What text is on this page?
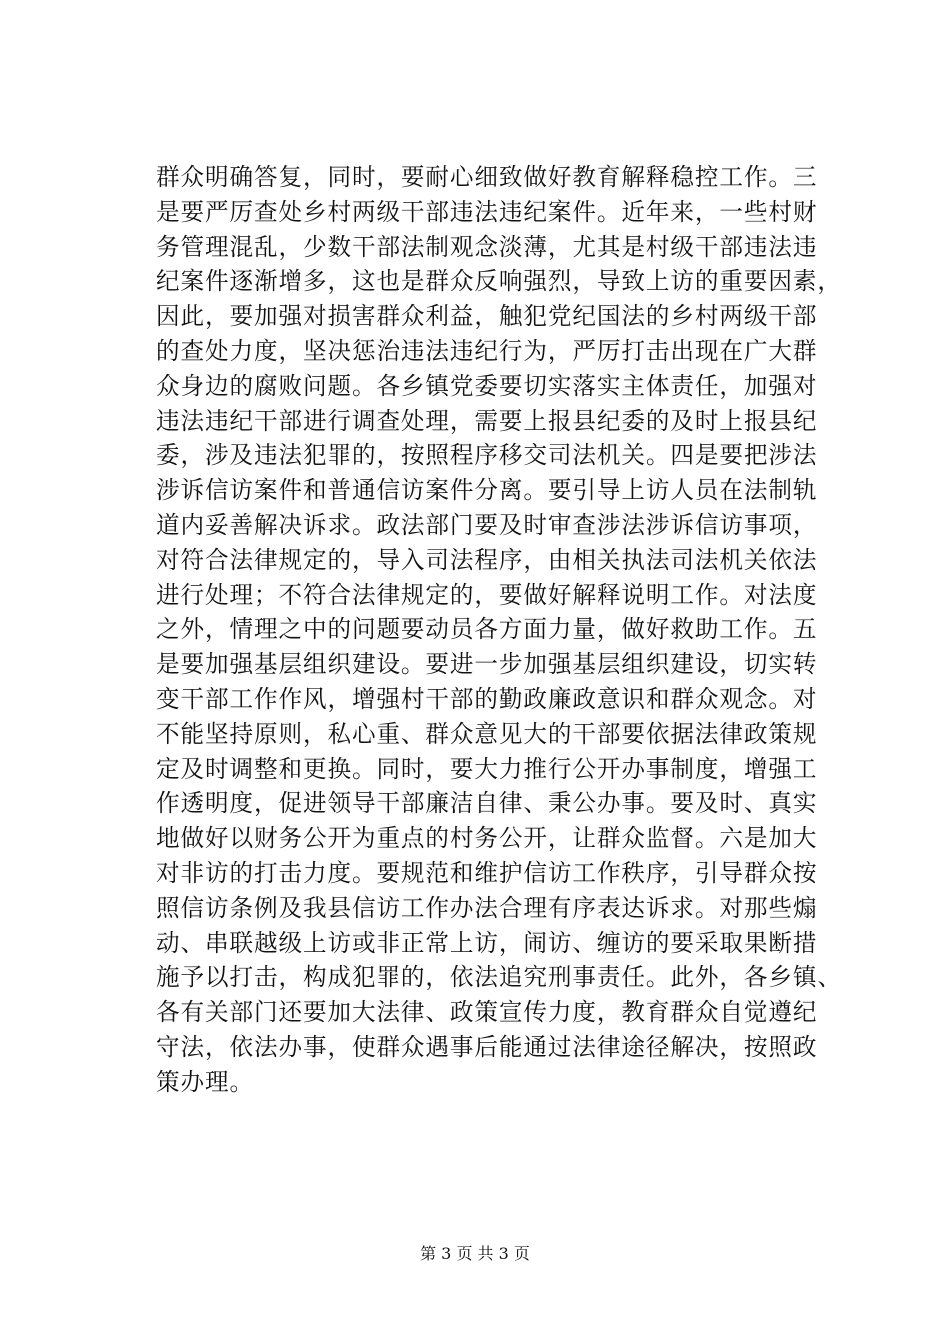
群众明确答复，同时，要耐心细致做好教育解释稳控工作。三
是要严厉查处乡村两级干部违法违纪案件。近年来，一些村财
务管理混乱，少数干部法制观念淡薄，尤其是村级干部违法违
纪案件逐渐增多，这也是群众反响强烈，导致上访的重要因素，
因此，要加强对损害群众利益，触犯党纪国法的乡村两级干部
的查处力度，坚决惩治违法违纪行为，严厉打击出现在广大群
众身边的腐败问题。各乡镇党委要切实落实主体责任，加强对
违法违纪干部进行调查处理，需要上报县纪委的及时上报县纪
委，涉及违法犯罪的，按照程序移交司法机关。四是要把涉法
涉诉信访案件和普通信访案件分离。要引导上访人员在法制轨
道内妥善解决诉求。政法部门要及时审查涉法涉诉信访事项，
对符合法律规定的，导入司法程序，由相关执法司法机关依法
进行处理；不符合法律规定的，要做好解释说明工作。对法度
之外，情理之中的问题要动员各方面力量，做好救助工作。五
是要加强基层组织建设。要进一步加强基层组织建设，切实转
变干部工作作风，增强村干部的勤政廉政意识和群众观念。对
不能坚持原则，私心重、群众意见大的干部要依据法律政策规
定及时调整和更换。同时，要大力推行公开办事制度，增强工
作透明度，促进领导干部廉洁自律、秉公办事。要及时、真实
地做好以财务公开为重点的村务公开，让群众监督。六是加大
对非访的打击力度。要规范和维护信访工作秩序，引导群众按
照信访条例及我县信访工作办法合理有序表达诉求。对那些煽
动、串联越级上访或非正常上访，闹访、缠访的要采取果断措
施予以打击，构成犯罪的，依法追究刑事责任。此外，各乡镇、
各有关部门还要加大法律、政策宣传力度，教育群众自觉遵纪
守法，依法办事，使群众遇事后能通过法律途径解决，按照政
策办理。
第 3 页 共 3 页
